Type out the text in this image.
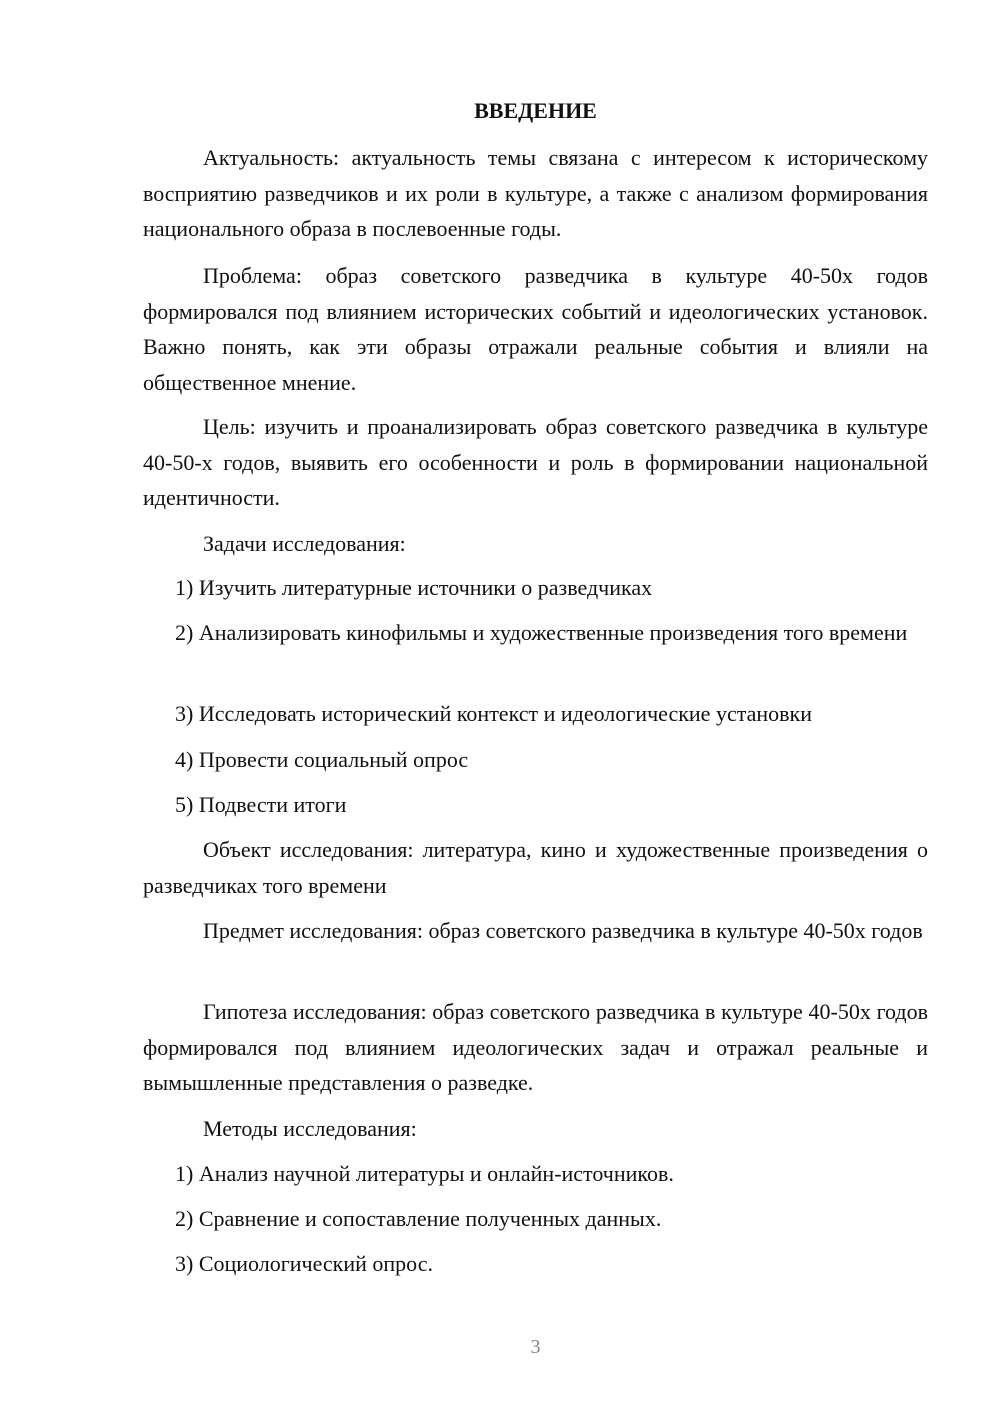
ВВЕДЕНИЕ
Актуальность: актуальность темы связана с интересом к историческому восприятию разведчиков и их роли в культуре, а также с анализом формирования национального образа в послевоенные годы.
Проблема: образ советского разведчика в культуре 40-50х годов формировался под влиянием исторических событий и идеологических установок. Важно понять, как эти образы отражали реальные события и влияли на общественное мнение.
Цель: изучить и проанализировать образ советского разведчика в культуре 40-50-х годов, выявить его особенности и роль в формировании национальной идентичности.
Задачи исследования:
1) Изучить литературные источники о разведчиках
2) Анализировать кинофильмы и художественные произведения того времени
3) Исследовать исторический контекст и идеологические установки
4) Провести социальный опрос
5) Подвести итоги
Объект исследования: литература, кино и художественные произведения о разведчиках того времени
Предмет исследования: образ советского разведчика в культуре 40-50х годов
Гипотеза исследования: образ советского разведчика в культуре 40-50х годов формировался под влиянием идеологических задач и отражал реальные и вымышленные представления о разведке.
Методы исследования:
1) Анализ научной литературы и онлайн-источников.
2) Сравнение и сопоставление полученных данных.
3) Социологический опрос.
3
